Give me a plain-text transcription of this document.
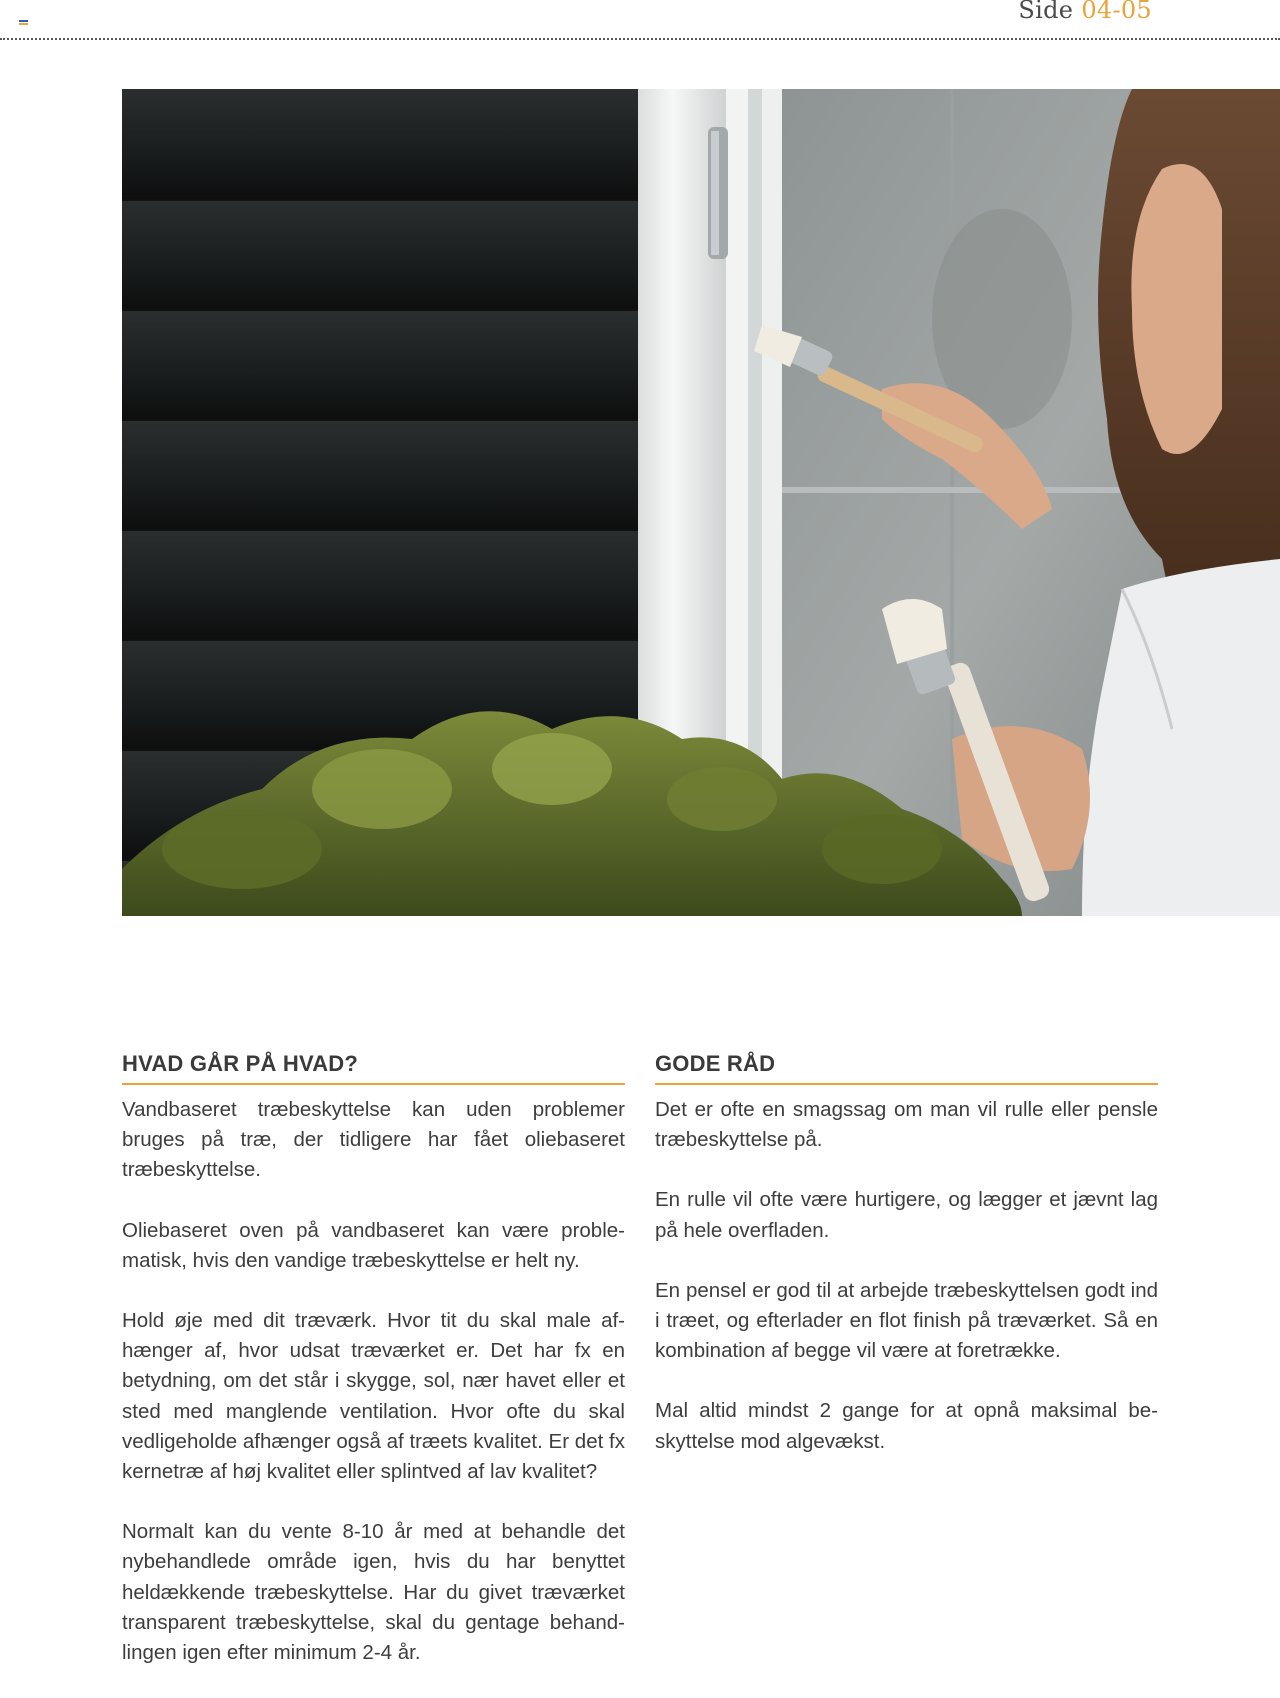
Side 04-05
HVAD GÅR PÅ HVAD?

Vandbaseret træbeskyttelse kan uden problemer bruges på træ, der tidligere har fået oliebaseret træbeskyttelse.

Oliebaseret oven på vandbaseret kan være problematisk, hvis den vandige træbeskyttelse er helt ny.

Hold øje med dit træværk. Hvor tit du skal male afhænger af, hvor udsat træværket er. Det har fx en betydning, om det står i skygge, sol, nær havet eller et sted med manglende ventilation. Hvor ofte du skal vedligeholde afhænger også af træets kvalitet. Er det fx kernetræ af høj kvalitet eller splintved af lav kvalitet?

Normalt kan du vente 8-10 år med at behandle det nybehandlede område igen, hvis du har benyttet heldækkende træbeskyttelse. Har du givet træværket transparent træbeskyttelse, skal du gentage behandlingen igen efter minimum 2-4 år.

GODE RÅD

Det er ofte en smagssag om man vil rulle eller pensle træbeskyttelse på.

En rulle vil ofte være hurtigere, og lægger et jævnt lag på hele overfladen.

En pensel er god til at arbejde træbeskyttelsen godt ind i træet, og efterlader en flot finish på træværket. Så en kombination af begge vil være at foretrække.

Mal altid mindst 2 gange for at opnå maksimal beskyttelse mod algevækst.
